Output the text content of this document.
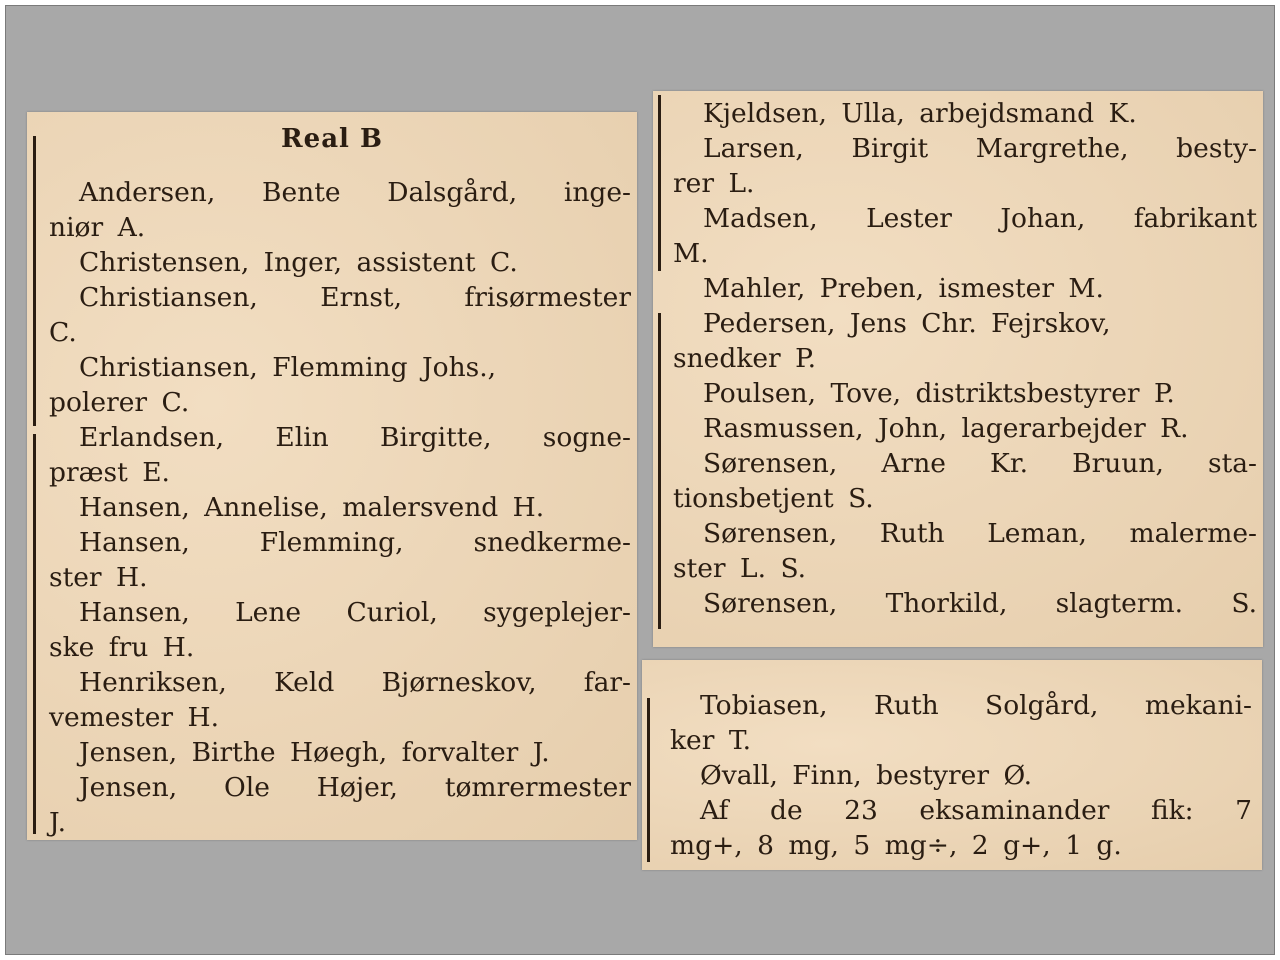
Real B
Andersen, Bente Dalsgård, inge-
niør A.
Christensen, Inger, assistent C.
Christiansen, Ernst, frisørmester
C.
Christiansen, Flemming Johs.,
polerer C.
Erlandsen, Elin Birgitte, sogne-
præst E.
Hansen, Annelise, malersvend H.
Hansen, Flemming, snedkerme-
ster H.
Hansen, Lene Curiol, sygeplejer-
ske fru H.
Henriksen, Keld Bjørneskov, far-
vemester H.
Jensen, Birthe Høegh, forvalter J.
Jensen, Ole Højer, tømrermester
J.
Kjeldsen, Ulla, arbejdsmand K.
Larsen, Birgit Margrethe, besty-
rer L.
Madsen, Lester Johan, fabrikant
M.
Mahler, Preben, ismester M.
Pedersen, Jens Chr. Fejrskov,
snedker P.
Poulsen, Tove, distriktsbestyrer P.
Rasmussen, John, lagerarbejder R.
Sørensen, Arne Kr. Bruun, sta-
tionsbetjent S.
Sørensen, Ruth Leman, malerme-
ster L. S.
Sørensen, Thorkild, slagterm. S.
Tobiasen, Ruth Solgård, mekani-
ker T.
Øvall, Finn, bestyrer Ø.
Af de 23 eksaminander fik: 7
mg+, 8 mg, 5 mg÷, 2 g+, 1 g.
